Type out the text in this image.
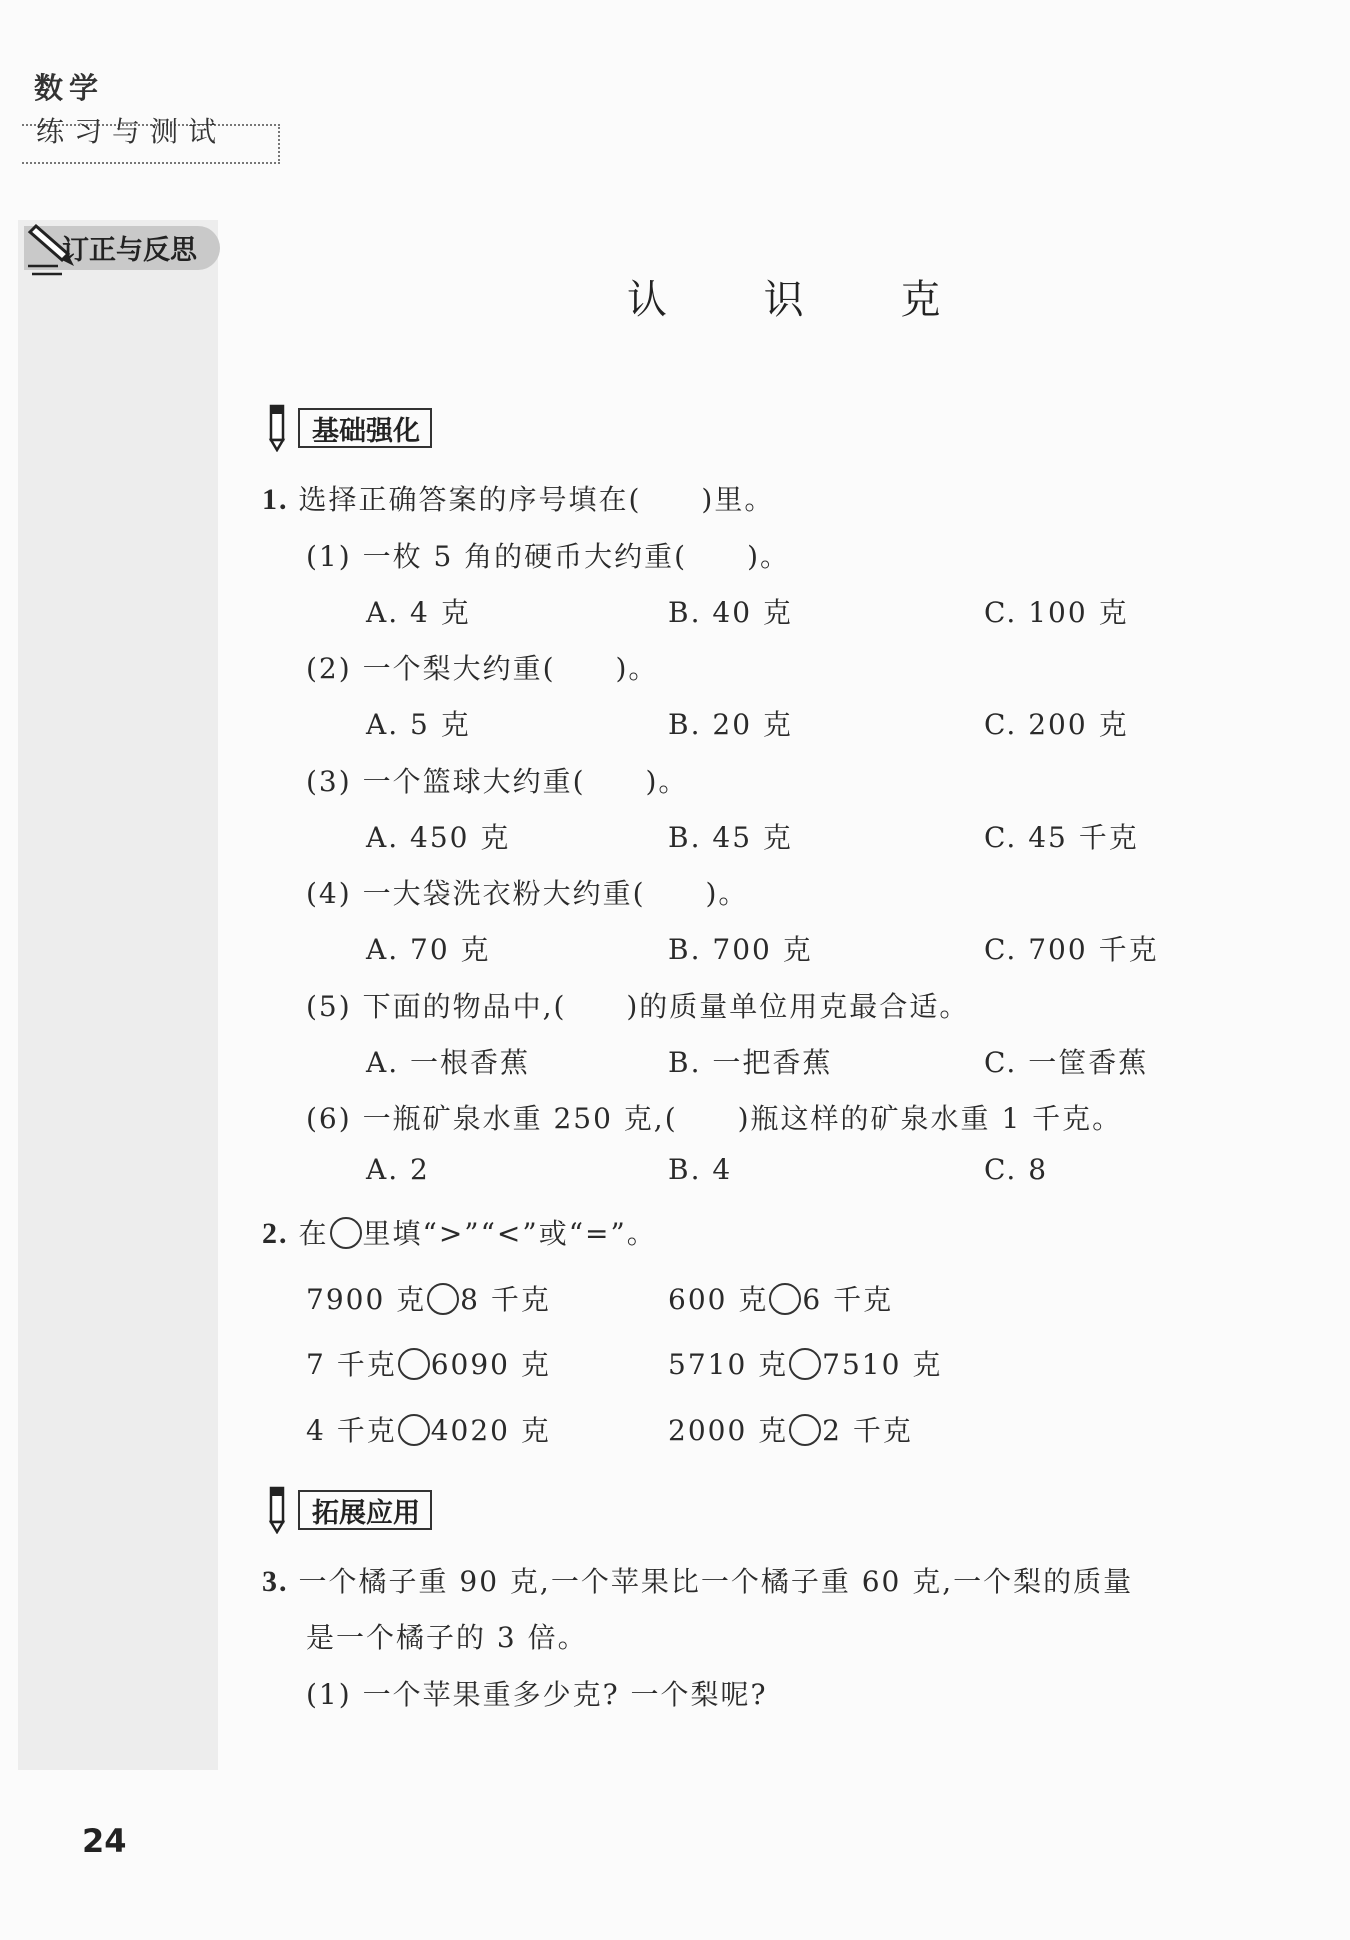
数学
练习与测试
订正与反思
认 识 克
基础强化
1. 选择正确答案的序号填在(　　)里。
(1) 一枚 5 角的硬币大约重(　　)。
A. 4 克	B. 40 克	C. 100 克
(2) 一个梨大约重(　　)。
A. 5 克	B. 20 克	C. 200 克
(3) 一个篮球大约重(　　)。
A. 450 克	B. 45 克	C. 45 千克
(4) 一大袋洗衣粉大约重(　　)。
A. 70 克	B. 700 克	C. 700 千克
(5) 下面的物品中,(　　)的质量单位用克最合适。
A. 一根香蕉	B. 一把香蕉	C. 一筐香蕉
(6) 一瓶矿泉水重 250 克,(　　)瓶这样的矿泉水重 1 千克。
A. 2	B. 4	C. 8
2. 在 里填“>”“<”或“=”。
7900 克 8 千克	600 克 6 千克
7 千克 6090 克	5710 克 7510 克
4 千克 4020 克	2000 克 2 千克
拓展应用
3. 一个橘子重 90 克,一个苹果比一个橘子重 60 克,一个梨的质量
是一个橘子的 3 倍。
(1) 一个苹果重多少克? 一个梨呢?
24
